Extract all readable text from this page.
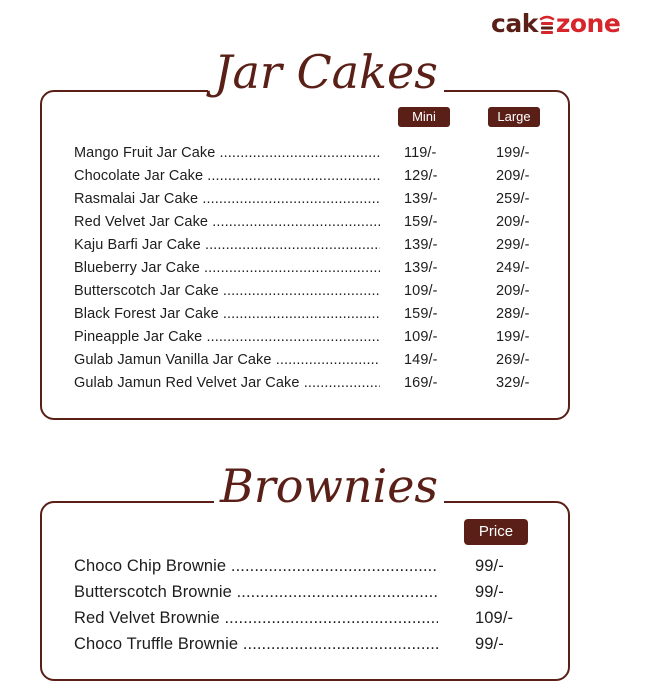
cak zone
Jar Cakes
Mini	Large
Mango Fruit Jar Cake .....	119/-	199/-
Chocolate Jar Cake .....	129/-	209/-
Rasmalai Jar Cake .....	139/-	259/-
Red Velvet Jar Cake .....	159/-	209/-
Kaju Barfi Jar Cake .....	139/-	299/-
Blueberry Jar Cake .....	139/-	249/-
Butterscotch Jar Cake .....	109/-	209/-
Black Forest Jar Cake .....	159/-	289/-
Pineapple Jar Cake .....	109/-	199/-
Gulab Jamun Vanilla Jar Cake .....	149/-	269/-
Gulab Jamun Red Velvet Jar Cake .....	169/-	329/-
Brownies
Price
Choco Chip Brownie .....	99/-
Butterscotch Brownie .....	99/-
Red Velvet Brownie .....	109/-
Choco Truffle Brownie .....	99/-
